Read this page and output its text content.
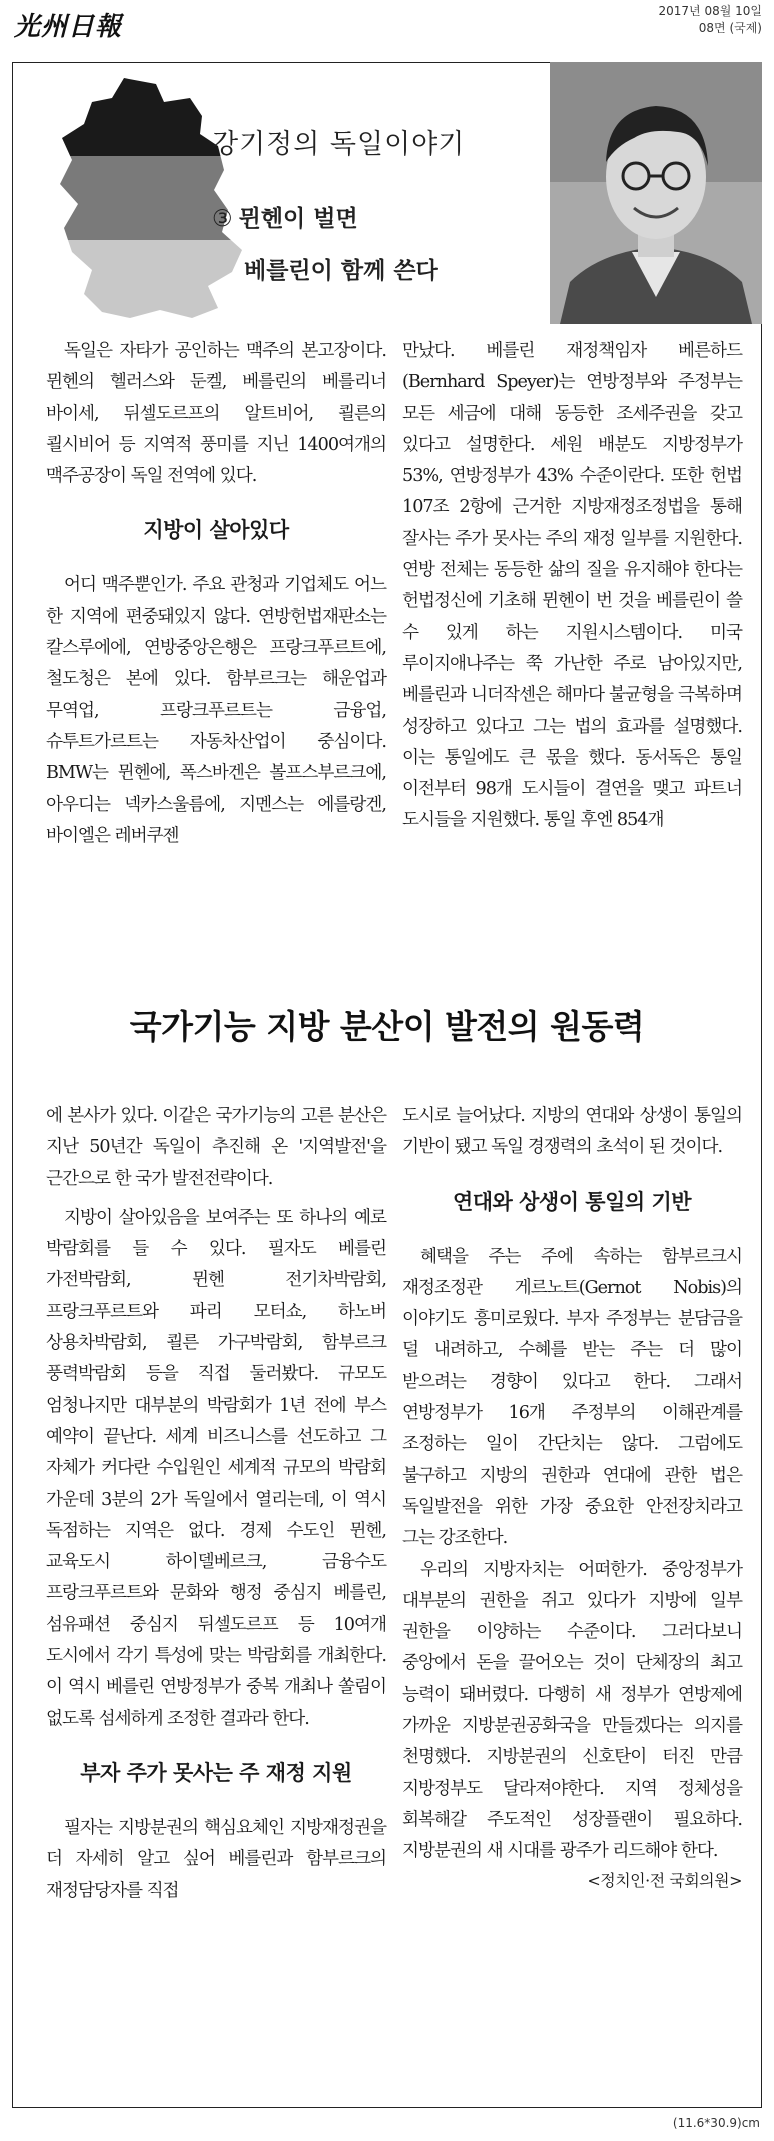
光州日報
2017년 08월 10일
08면 (국제)
강기정의 독일이야기
③ 뮌헨이 벌면
베를린이 함께 쓴다

독일은 자타가 공인하는 맥주의 본고장이다. 뮌헨의 헬러스와 둔켈, 베를린의 베를리너 바이세, 뒤셀도르프의 알트비어, 쾰른의 쾰시비어 등 지역적 풍미를 지닌 1400여개의 맥주공장이 독일 전역에 있다.

지방이 살아있다

어디 맥주뿐인가. 주요 관청과 기업체도 어느 한 지역에 편중돼있지 않다. 연방헌법재판소는 칼스루에에, 연방중앙은행은 프랑크푸르트에, 철도청은 본에 있다. 함부르크는 해운업과 무역업, 프랑크푸르트는 금융업, 슈투트가르트는 자동차산업이 중심이다. BMW는 뮌헨에, 폭스바겐은 볼프스부르크에, 아우디는 넥카스울름에, 지멘스는 에를랑겐, 바이엘은 레버쿠젠

만났다. 베를린 재정책임자 베른하드(Bernhard Speyer)는 연방정부와 주정부는 모든 세금에 대해 동등한 조세주권을 갖고 있다고 설명한다. 세원 배분도 지방정부가 53%, 연방정부가 43% 수준이란다. 또한 헌법 107조 2항에 근거한 지방재정조정법을 통해 잘사는 주가 못사는 주의 재정 일부를 지원한다. 연방 전체는 동등한 삶의 질을 유지해야 한다는 헌법정신에 기초해 뮌헨이 번 것을 베를린이 쓸 수 있게 하는 지원시스템이다. 미국 루이지애나주는 쭉 가난한 주로 남아있지만, 베를린과 니더작센은 해마다 불균형을 극복하며 성장하고 있다고 그는 법의 효과를 설명했다. 이는 통일에도 큰 몫을 했다. 동서독은 통일 이전부터 98개 도시들이 결연을 맺고 파트너 도시들을 지원했다. 통일 후엔 854개

국가기능 지방 분산이 발전의 원동력

에 본사가 있다. 이같은 국가기능의 고른 분산은 지난 50년간 독일이 추진해 온 '지역발전'을 근간으로 한 국가 발전전략이다.

지방이 살아있음을 보여주는 또 하나의 예로 박람회를 들 수 있다. 필자도 베를린 가전박람회, 뮌헨 전기차박람회, 프랑크푸르트와 파리 모터쇼, 하노버 상용차박람회, 쾰른 가구박람회, 함부르크 풍력박람회 등을 직접 둘러봤다. 규모도 엄청나지만 대부분의 박람회가 1년 전에 부스 예약이 끝난다. 세계 비즈니스를 선도하고 그 자체가 커다란 수입원인 세계적 규모의 박람회 가운데 3분의 2가 독일에서 열리는데, 이 역시 독점하는 지역은 없다. 경제 수도인 뮌헨, 교육도시 하이델베르크, 금융수도 프랑크푸르트와 문화와 행정 중심지 베를린, 섬유패션 중심지 뒤셀도르프 등 10여개 도시에서 각기 특성에 맞는 박람회를 개최한다. 이 역시 베를린 연방정부가 중복 개최나 쏠림이 없도록 섬세하게 조정한 결과라 한다.

부자 주가 못사는 주 재정 지원

필자는 지방분권의 핵심요체인 지방재정권을 더 자세히 알고 싶어 베를린과 함부르크의 재정담당자를 직접

도시로 늘어났다. 지방의 연대와 상생이 통일의 기반이 됐고 독일 경쟁력의 초석이 된 것이다.

연대와 상생이 통일의 기반

혜택을 주는 주에 속하는 함부르크시 재정조정관 게르노트(Gernot Nobis)의 이야기도 흥미로웠다. 부자 주정부는 분담금을 덜 내려하고, 수혜를 받는 주는 더 많이 받으려는 경향이 있다고 한다. 그래서 연방정부가 16개 주정부의 이해관계를 조정하는 일이 간단치는 않다. 그럼에도 불구하고 지방의 권한과 연대에 관한 법은 독일발전을 위한 가장 중요한 안전장치라고 그는 강조한다.

우리의 지방자치는 어떠한가. 중앙정부가 대부분의 권한을 쥐고 있다가 지방에 일부 권한을 이양하는 수준이다. 그러다보니 중앙에서 돈을 끌어오는 것이 단체장의 최고 능력이 돼버렸다. 다행히 새 정부가 연방제에 가까운 지방분권공화국을 만들겠다는 의지를 천명했다. 지방분권의 신호탄이 터진 만큼 지방정부도 달라져야한다. 지역 정체성을 회복해갈 주도적인 성장플랜이 필요하다. 지방분권의 새 시대를 광주가 리드해야 한다.

<정치인·전 국회의원>
(11.6*30.9)cm
